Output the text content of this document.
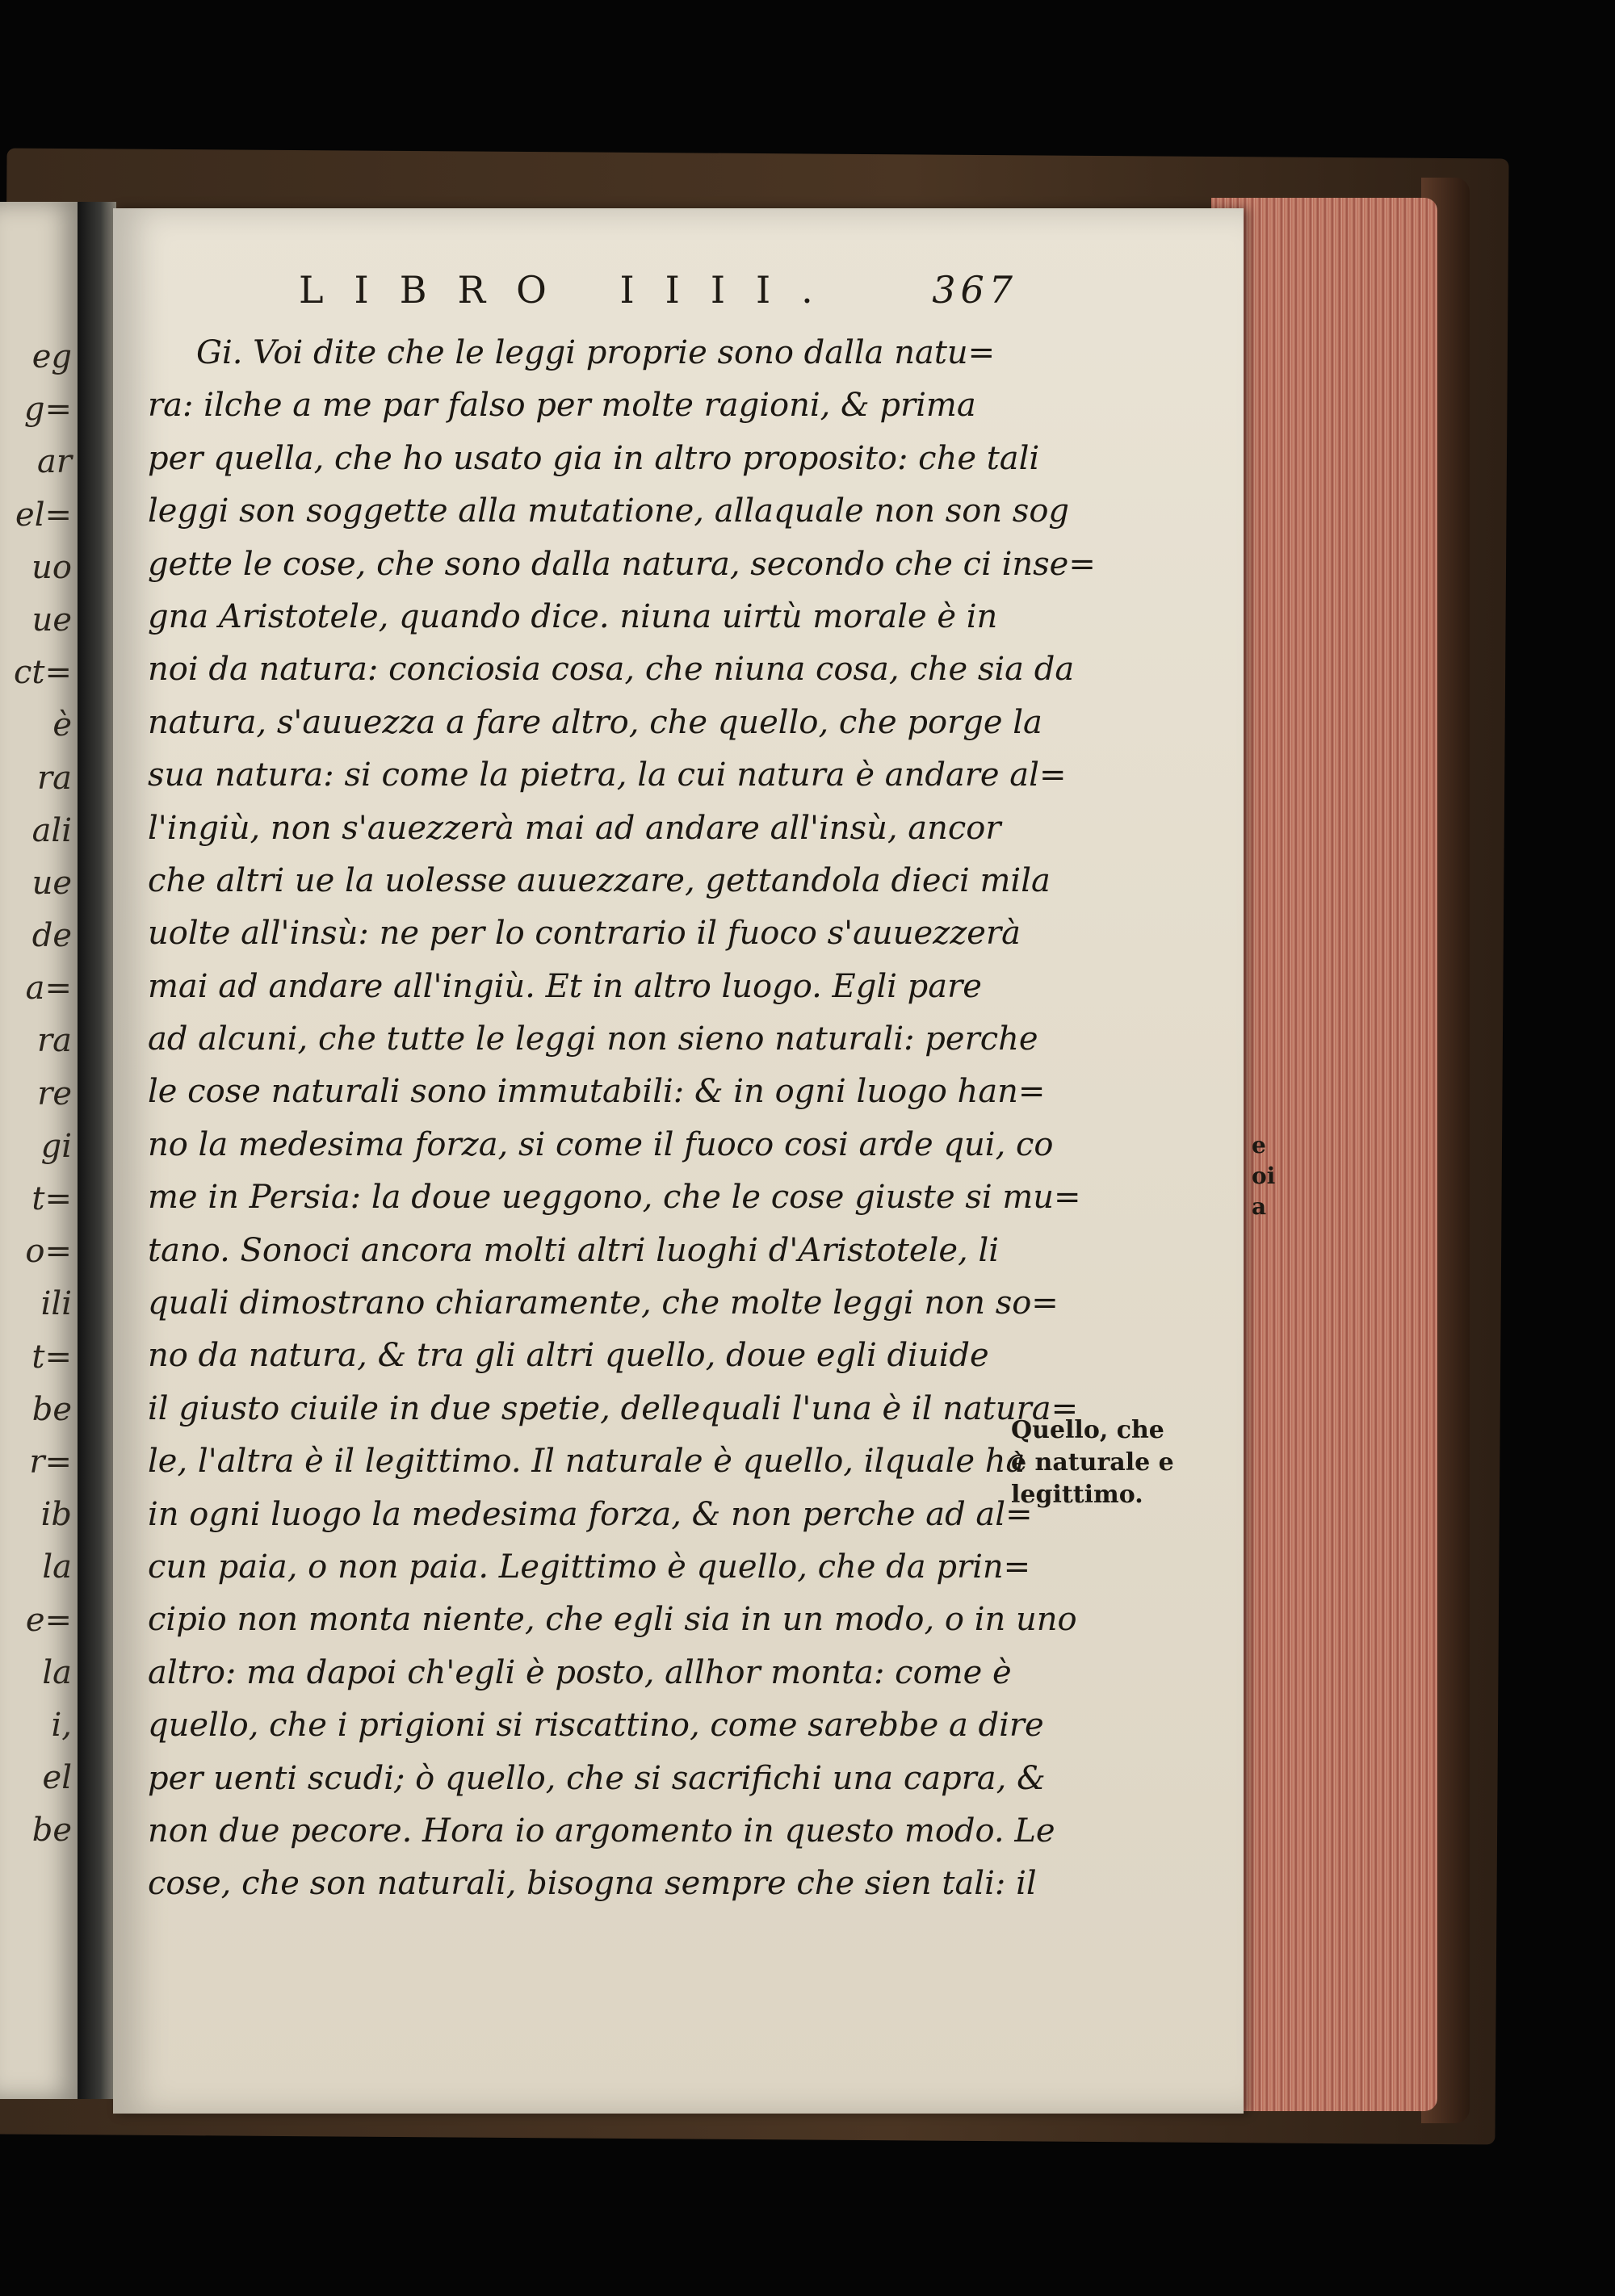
eg
g=
ar
el=
uo
ue
ct=
è
ra
ali
ue
de
a=
ra
re
gi
t=
o=
ili
t=
be
r=
ib
la
e=
la
i,
el
be
LIBRO IIII. 367
Gi. Voi dite che le leggi proprie sono dalla natu=
ra: ilche a me par falso per molte ragioni, & prima
per quella, che ho usato gia in altro proposito: che tali
leggi son soggette alla mutatione, allaquale non son sog
gette le cose, che sono dalla natura, secondo che ci inse=
gna Aristotele, quando dice. niuna uirtù morale è in
noi da natura: conciosia cosa, che niuna cosa, che sia da
natura, s'auuezza a fare altro, che quello, che porge la
sua natura: si come la pietra, la cui natura è andare al=
l'ingiù, non s'auezzerà mai ad andare all'insù, ancor
che altri ue la uolesse auuezzare, gettandola dieci mila
uolte all'insù: ne per lo contrario il fuoco s'auuezzerà
mai ad andare all'ingiù. Et in altro luogo. Egli pare
ad alcuni, che tutte le leggi non sieno naturali: perche
le cose naturali sono immutabili: & in ogni luogo han=
no la medesima forza, si come il fuoco cosi arde qui, co
me in Persia: la doue ueggono, che le cose giuste si mu=
tano. Sonoci ancora molti altri luoghi d'Aristotele, li
quali dimostrano chiaramente, che molte leggi non so=
no da natura, & tra gli altri quello, doue egli diuide
il giusto ciuile in due spetie, dellequali l'una è il natura=
le, l'altra è il legittimo. Il naturale è quello, ilquale ha
in ogni luogo la medesima forza, & non perche ad al=
cun paia, o non paia. Legittimo è quello, che da prin=
cipio non monta niente, che egli sia in un modo, o in uno
altro: ma dapoi ch'egli è posto, allhor monta: come è
quello, che i prigioni si riscattino, come sarebbe a dire
per uenti scudi; ò quello, che si sacrifichi una capra, &
non due pecore. Hora io argomento in questo modo. Le
cose, che son naturali, bisogna sempre che sien tali: il
Quello, che
è naturale e
legittimo.
e
oi
a
